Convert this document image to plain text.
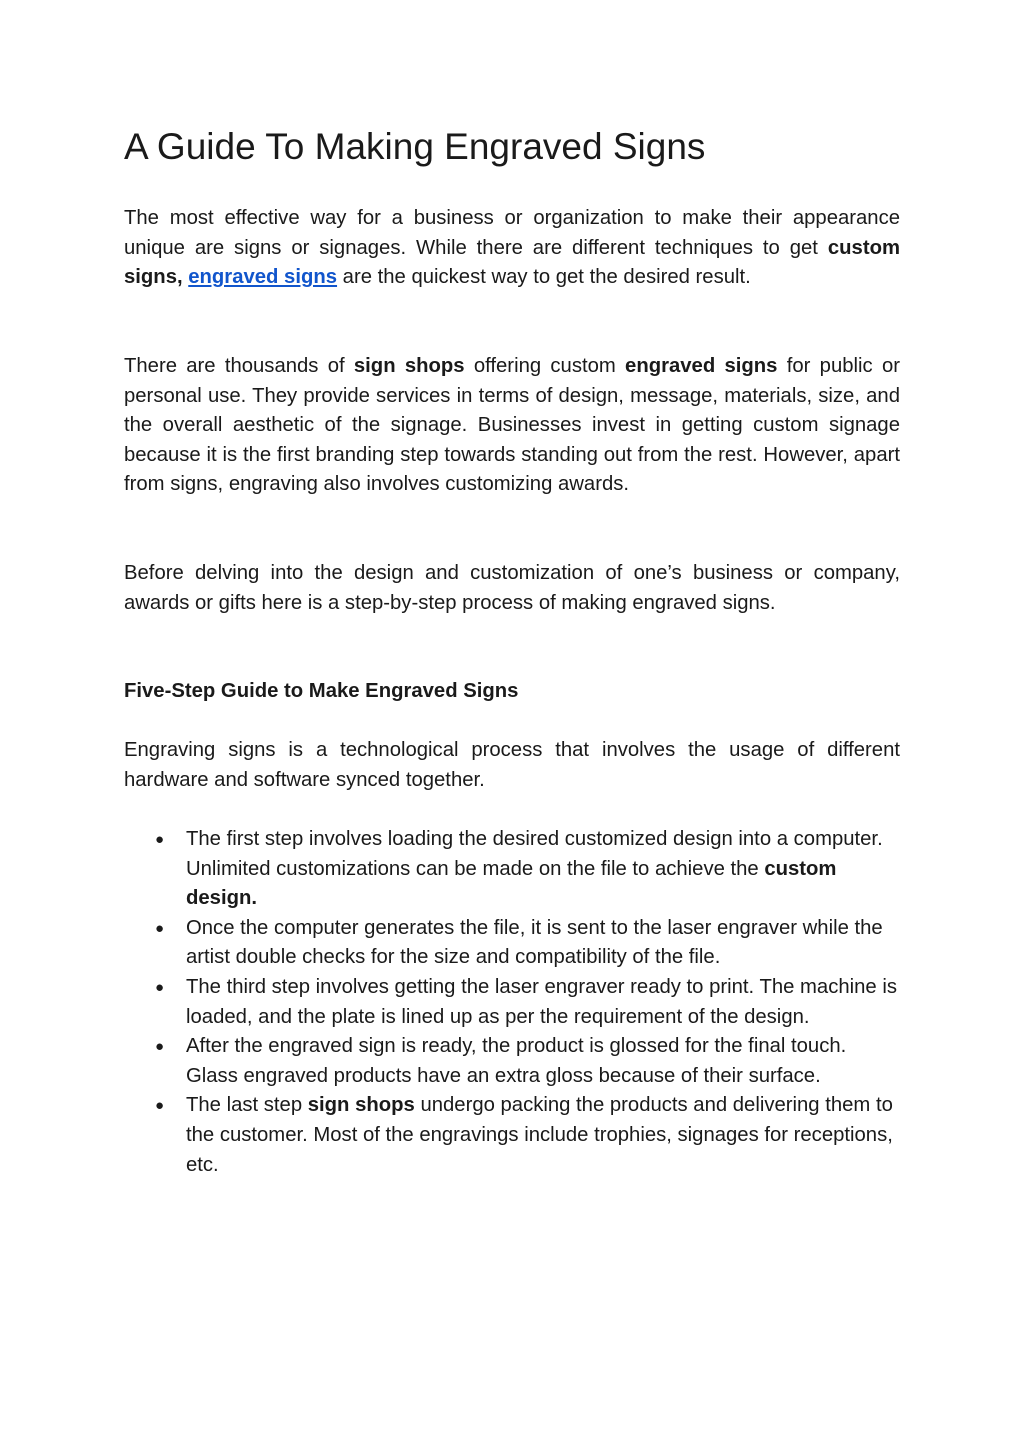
A Guide To Making Engraved Signs

The most effective way for a business or organization to make their appearance unique are signs or signages. While there are different techniques to get custom signs, engraved signs are the quickest way to get the desired result.

There are thousands of sign shops offering custom engraved signs for public or personal use. They provide services in terms of design, message, materials, size, and the overall aesthetic of the signage. Businesses invest in getting custom signage because it is the first branding step towards standing out from the rest. However, apart from signs, engraving also involves customizing awards.

Before delving into the design and customization of one’s business or company, awards or gifts here is a step-by-step process of making engraved signs.

Five-Step Guide to Make Engraved Signs

Engraving signs is a technological process that involves the usage of different hardware and software synced together.

● The first step involves loading the desired customized design into a computer. Unlimited customizations can be made on the file to achieve the custom design.
● Once the computer generates the file, it is sent to the laser engraver while the artist double checks for the size and compatibility of the file.
● The third step involves getting the laser engraver ready to print. The machine is loaded, and the plate is lined up as per the requirement of the design.
● After the engraved sign is ready, the product is glossed for the final touch. Glass engraved products have an extra gloss because of their surface.
● The last step sign shops undergo packing the products and delivering them to the customer. Most of the engravings include trophies, signages for receptions, etc.
